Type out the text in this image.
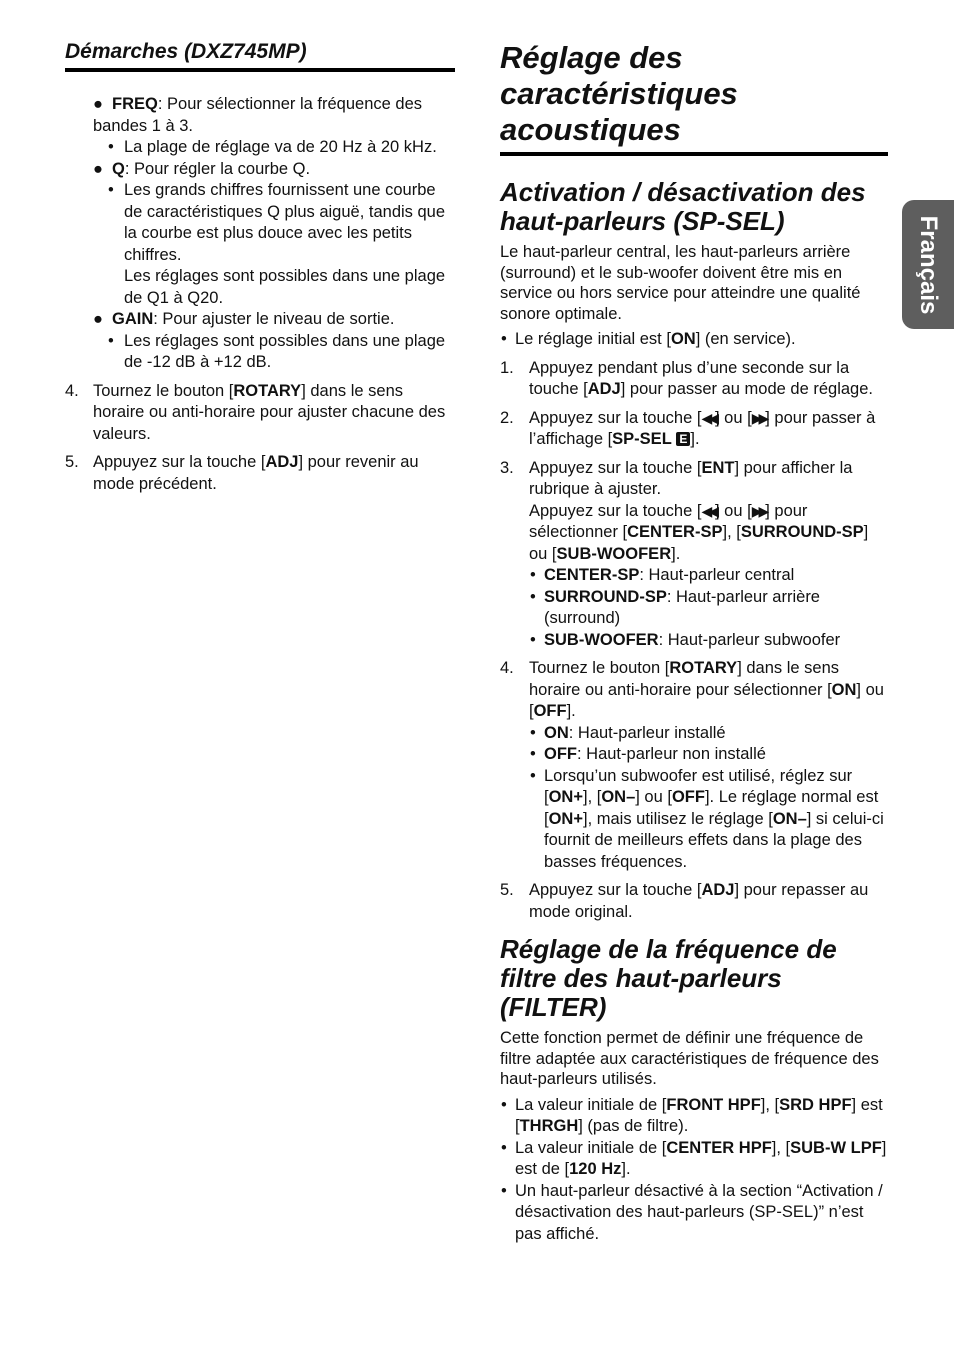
Démarches (DXZ745MP)
● FREQ: Pour sélectionner la fréquence des bandes 1 à 3.
• La plage de réglage va de 20 Hz à 20 kHz.
● Q: Pour régler la courbe Q.
• Les grands chiffres fournissent une courbe de caractéristiques Q plus aiguë, tandis que la courbe est plus douce avec les petits chiffres.
Les réglages sont possibles dans une plage de Q1 à Q20.
● GAIN: Pour ajuster le niveau de sortie.
• Les réglages sont possibles dans une plage de -12 dB à +12 dB.
4. Tournez le bouton [ROTARY] dans le sens horaire ou anti-horaire pour ajuster chacune des valeurs.
5. Appuyez sur la touche [ADJ] pour revenir au mode précédent.
Réglage des
caractéristiques
acoustiques
Activation / désactivation des
haut-parleurs (SP-SEL)

Le haut-parleur central, les haut-parleurs arrière (surround) et le sub-woofer doivent être mis en service ou hors service pour atteindre une qualité sonore optimale.

• Le réglage initial est [ON] (en service).
1. Appuyez pendant plus d’une seconde sur la touche [ADJ] pour passer au mode de réglage.
2. Appuyez sur la touche [◀◀] ou [▶▶] pour passer à l’affichage [SP-SEL E ].
3. Appuyez sur la touche [ENT] pour afficher la rubrique à ajuster.
Appuyez sur la touche [◀◀] ou [▶▶] pour sélectionner [CENTER-SP], [SURROUND-SP] ou [SUB-WOOFER].
• CENTER-SP: Haut-parleur central
• SURROUND-SP: Haut-parleur arrière (surround)
• SUB-WOOFER: Haut-parleur subwoofer
4. Tournez le bouton [ROTARY] dans le sens horaire ou anti-horaire pour sélectionner [ON] ou [OFF].
• ON: Haut-parleur installé
• OFF: Haut-parleur non installé
• Lorsqu’un subwoofer est utilisé, réglez sur [ON+], [ON–] ou [OFF]. Le réglage normal est [ON+], mais utilisez le réglage [ON–] si celui-ci fournit de meilleurs effets dans la plage des basses fréquences.
5. Appuyez sur la touche [ADJ] pour repasser au mode original.
Réglage de la fréquence de
filtre des haut-parleurs
(FILTER)

Cette fonction permet de définir une fréquence de filtre adaptée aux caractéristiques de fréquence des haut-parleurs utilisés.

• La valeur initiale de [FRONT HPF], [SRD HPF] est [THRGH] (pas de filtre).
• La valeur initiale de [CENTER HPF], [SUB-W LPF] est de [120 Hz].
• Un haut-parleur désactivé à la section “Activation / désactivation des haut-parleurs (SP-SEL)” n’est pas affiché.
Français
